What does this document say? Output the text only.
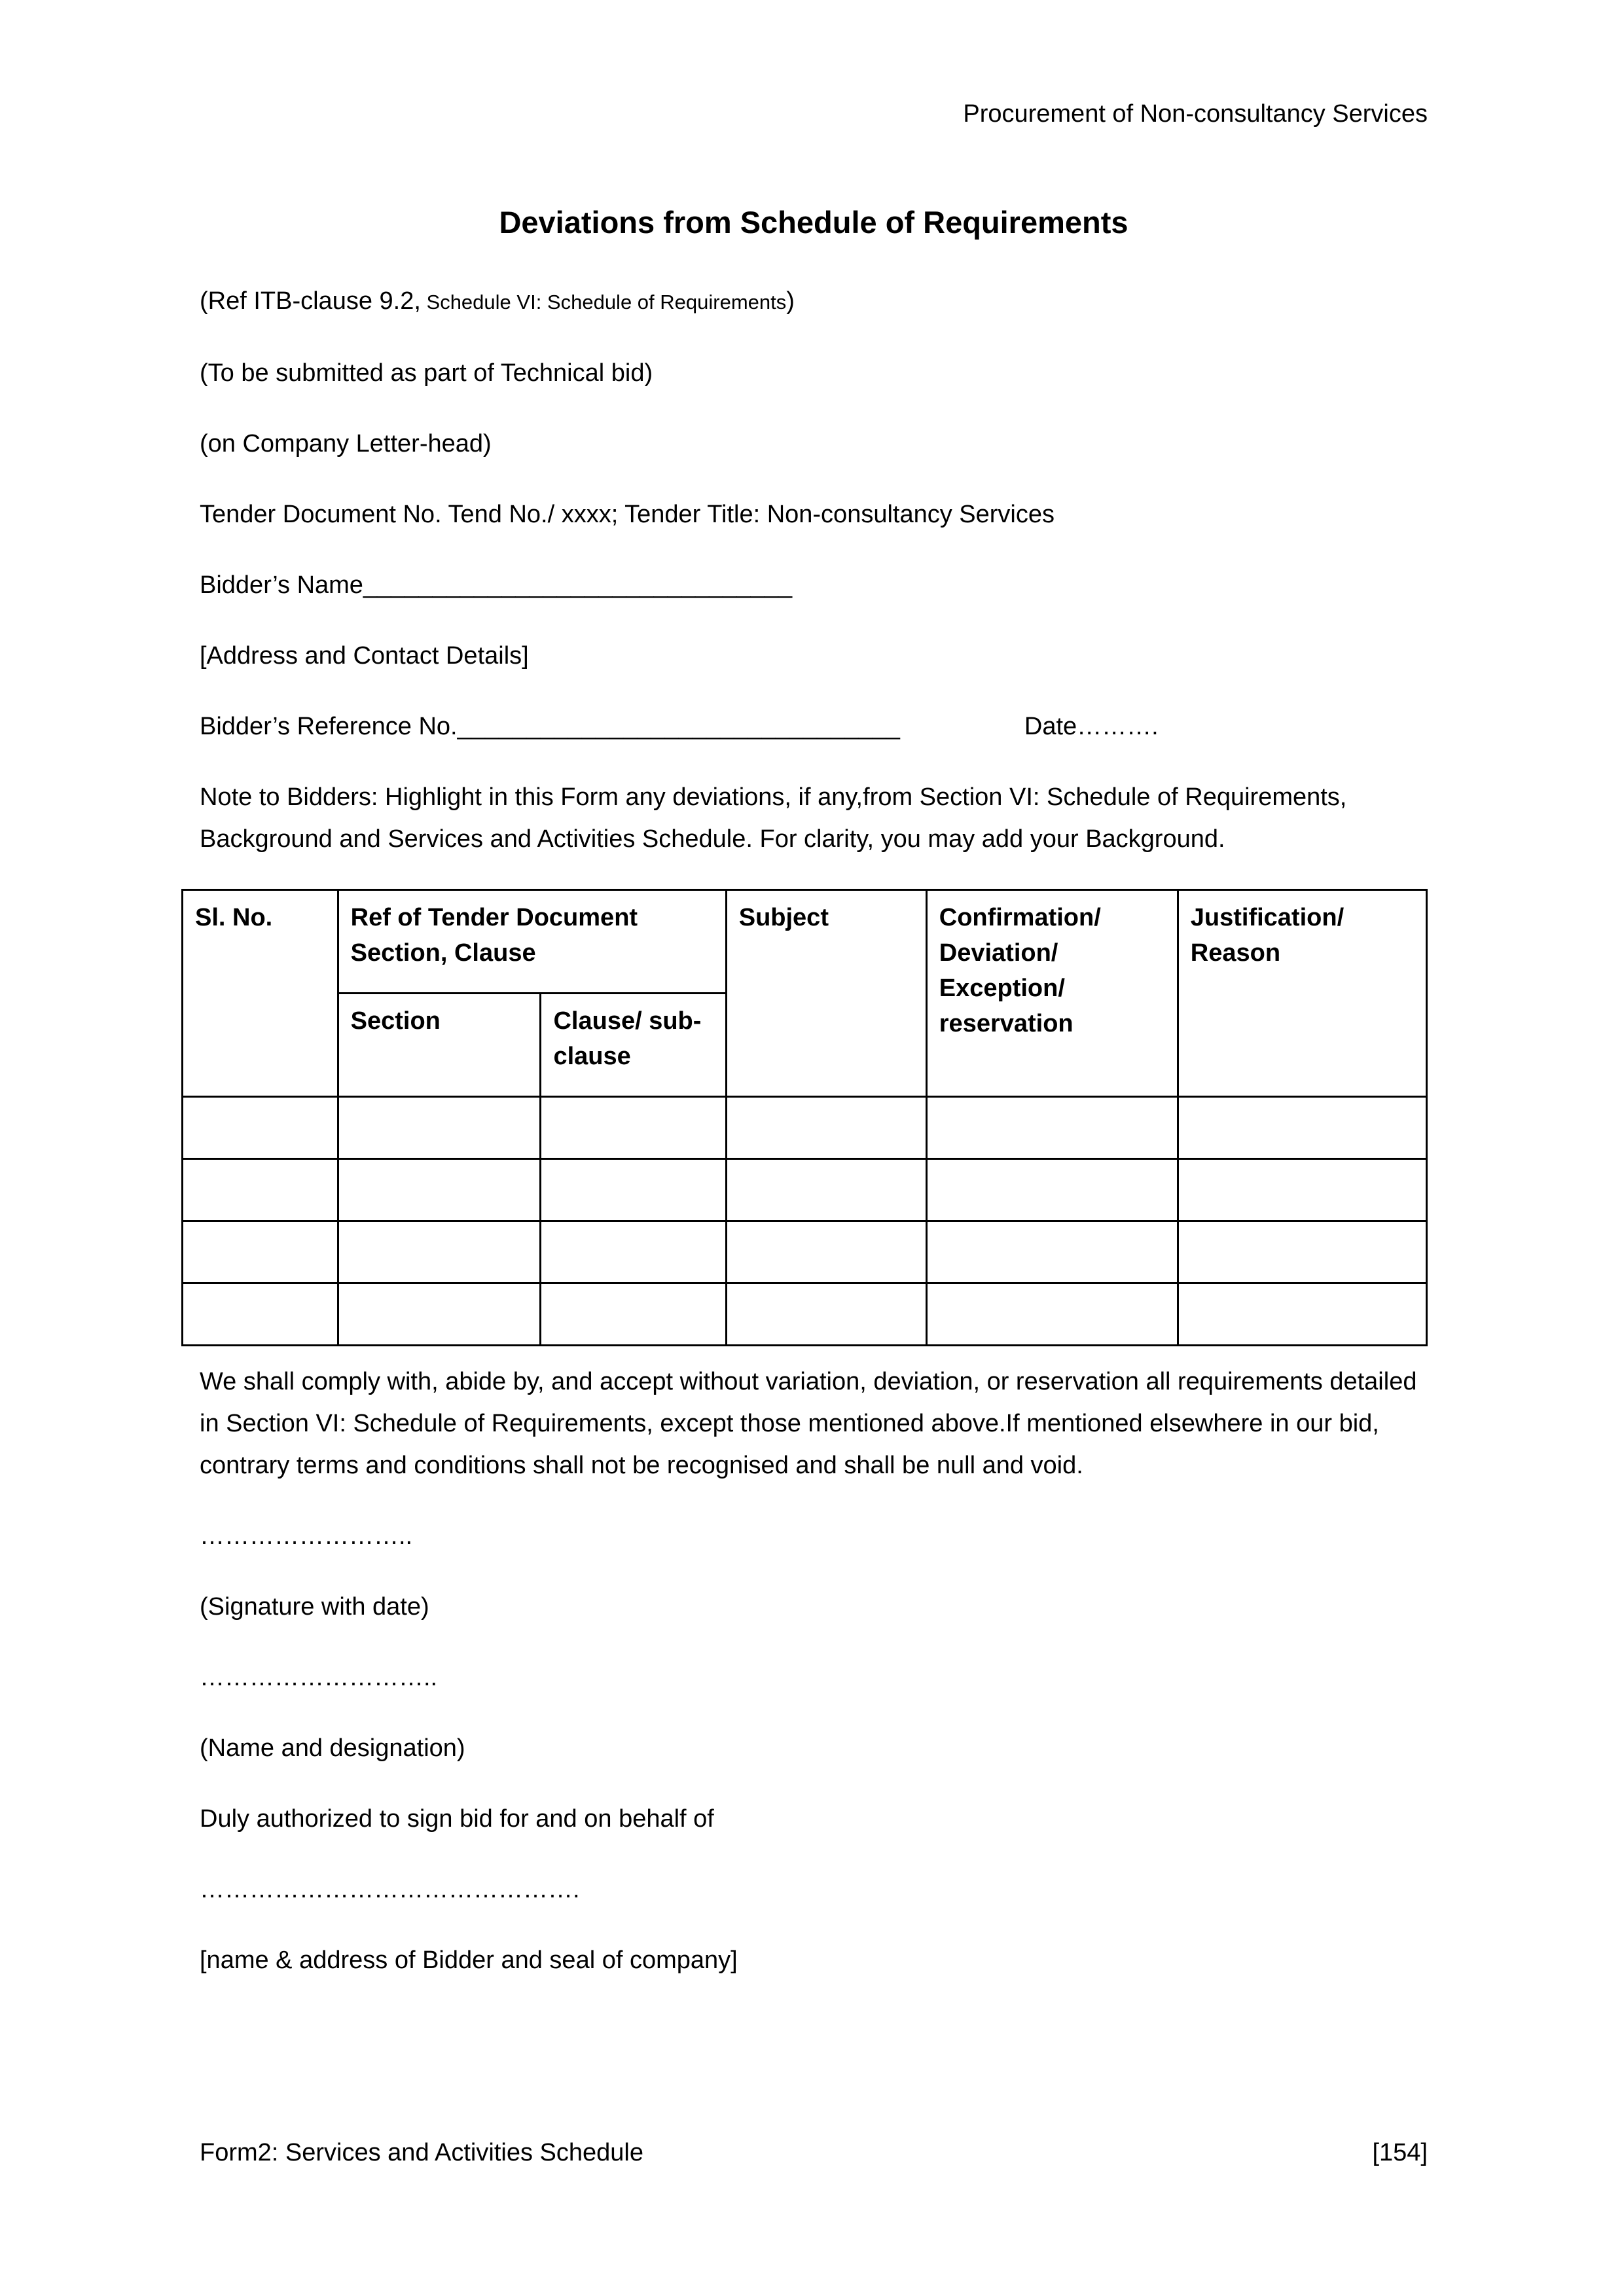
Procurement of Non-consultancy Services
Deviations from Schedule of Requirements

(Ref ITB-clause 9.2, Schedule VI: Schedule of Requirements)

(To be submitted as part of Technical bid)

(on Company Letter-head)

Tender Document No. Tend No./ xxxx; Tender Title: Non-consultancy Services

Bidder’s Name_______________________________

[Address and Contact Details]

Bidder’s Reference No.________________________________	Date……….

Note to Bidders: Highlight in this Form any deviations, if any,from Section VI: Schedule of Requirements, Background and Services and Activities Schedule. For clarity, you may add your Background.

Sl. No.	Ref of Tender Document Section, Clause		Subject	Confirmation/ Deviation/ Exception/ reservation	Justification/ Reason
	Section	Clause/ sub-clause			

We shall comply with, abide by, and accept without variation, deviation, or reservation all requirements detailed in Section VI: Schedule of Requirements, except those mentioned above.If mentioned elsewhere in our bid, contrary terms and conditions shall not be recognised and shall be null and void.

……………………..

(Signature with date)

………………………..

(Name and designation)

Duly authorized to sign bid for and on behalf of

……………………………………….

[name & address of Bidder and seal of company]

Form2: Services and Activities Schedule	[154]
